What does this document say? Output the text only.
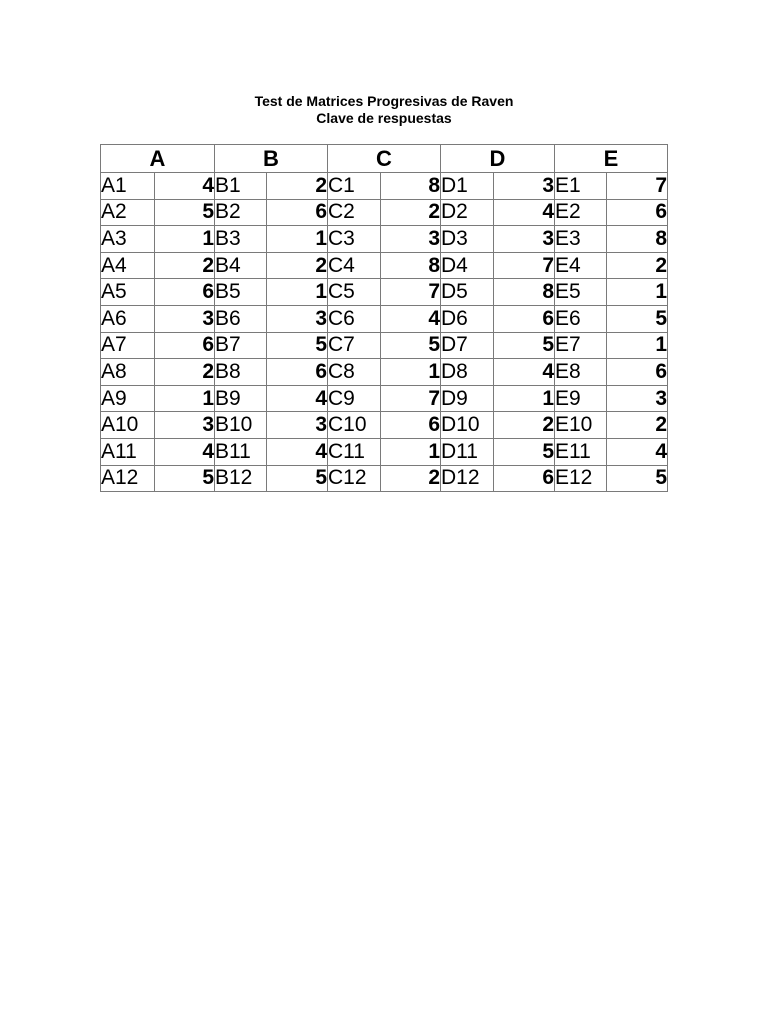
Test de Matrices Progresivas de Raven
Clave de respuestas
A		B		C		D		E	
A1	4	B1	2	C1	8	D1	3	E1	7
A2	5	B2	6	C2	2	D2	4	E2	6
A3	1	B3	1	C3	3	D3	3	E3	8
A4	2	B4	2	C4	8	D4	7	E4	2
A5	6	B5	1	C5	7	D5	8	E5	1
A6	3	B6	3	C6	4	D6	6	E6	5
A7	6	B7	5	C7	5	D7	5	E7	1
A8	2	B8	6	C8	1	D8	4	E8	6
A9	1	B9	4	C9	7	D9	1	E9	3
A10	3	B10	3	C10	6	D10	2	E10	2
A11	4	B11	4	C11	1	D11	5	E11	4
A12	5	B12	5	C12	2	D12	6	E12	5
